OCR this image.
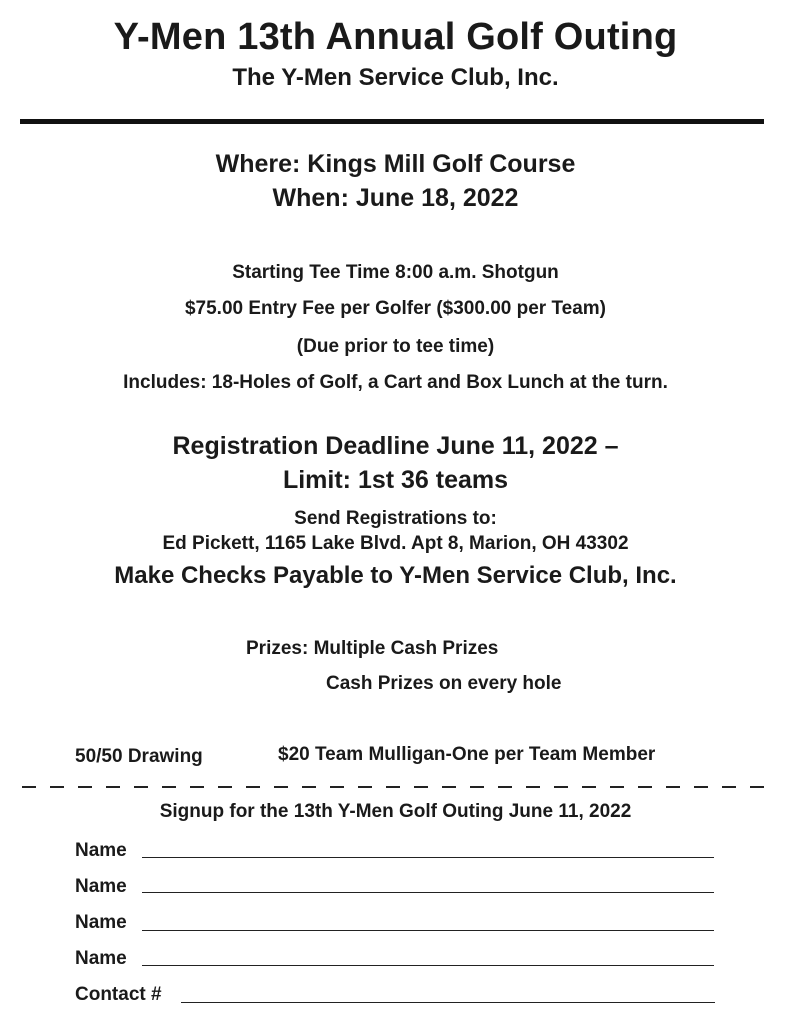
Y-Men 13th Annual Golf Outing
The Y-Men Service Club, Inc.
Where: Kings Mill Golf Course
When: June 18, 2022
Starting Tee Time 8:00 a.m. Shotgun
$75.00 Entry Fee per Golfer ($300.00 per Team)
(Due prior to tee time)
Includes: 18-Holes of Golf, a Cart and Box Lunch at the turn.
Registration Deadline June 11, 2022 –
Limit: 1st 36 teams
Send Registrations to:
Ed Pickett, 1165 Lake Blvd. Apt 8, Marion, OH 43302
Make Checks Payable to Y-Men Service Club, Inc.
Prizes: Multiple Cash Prizes
Cash Prizes on every hole
50/50 Drawing	$20 Team Mulligan-One per Team Member
Signup for the 13th Y-Men Golf Outing June 11, 2022
Name
Name
Name
Name
Contact #
